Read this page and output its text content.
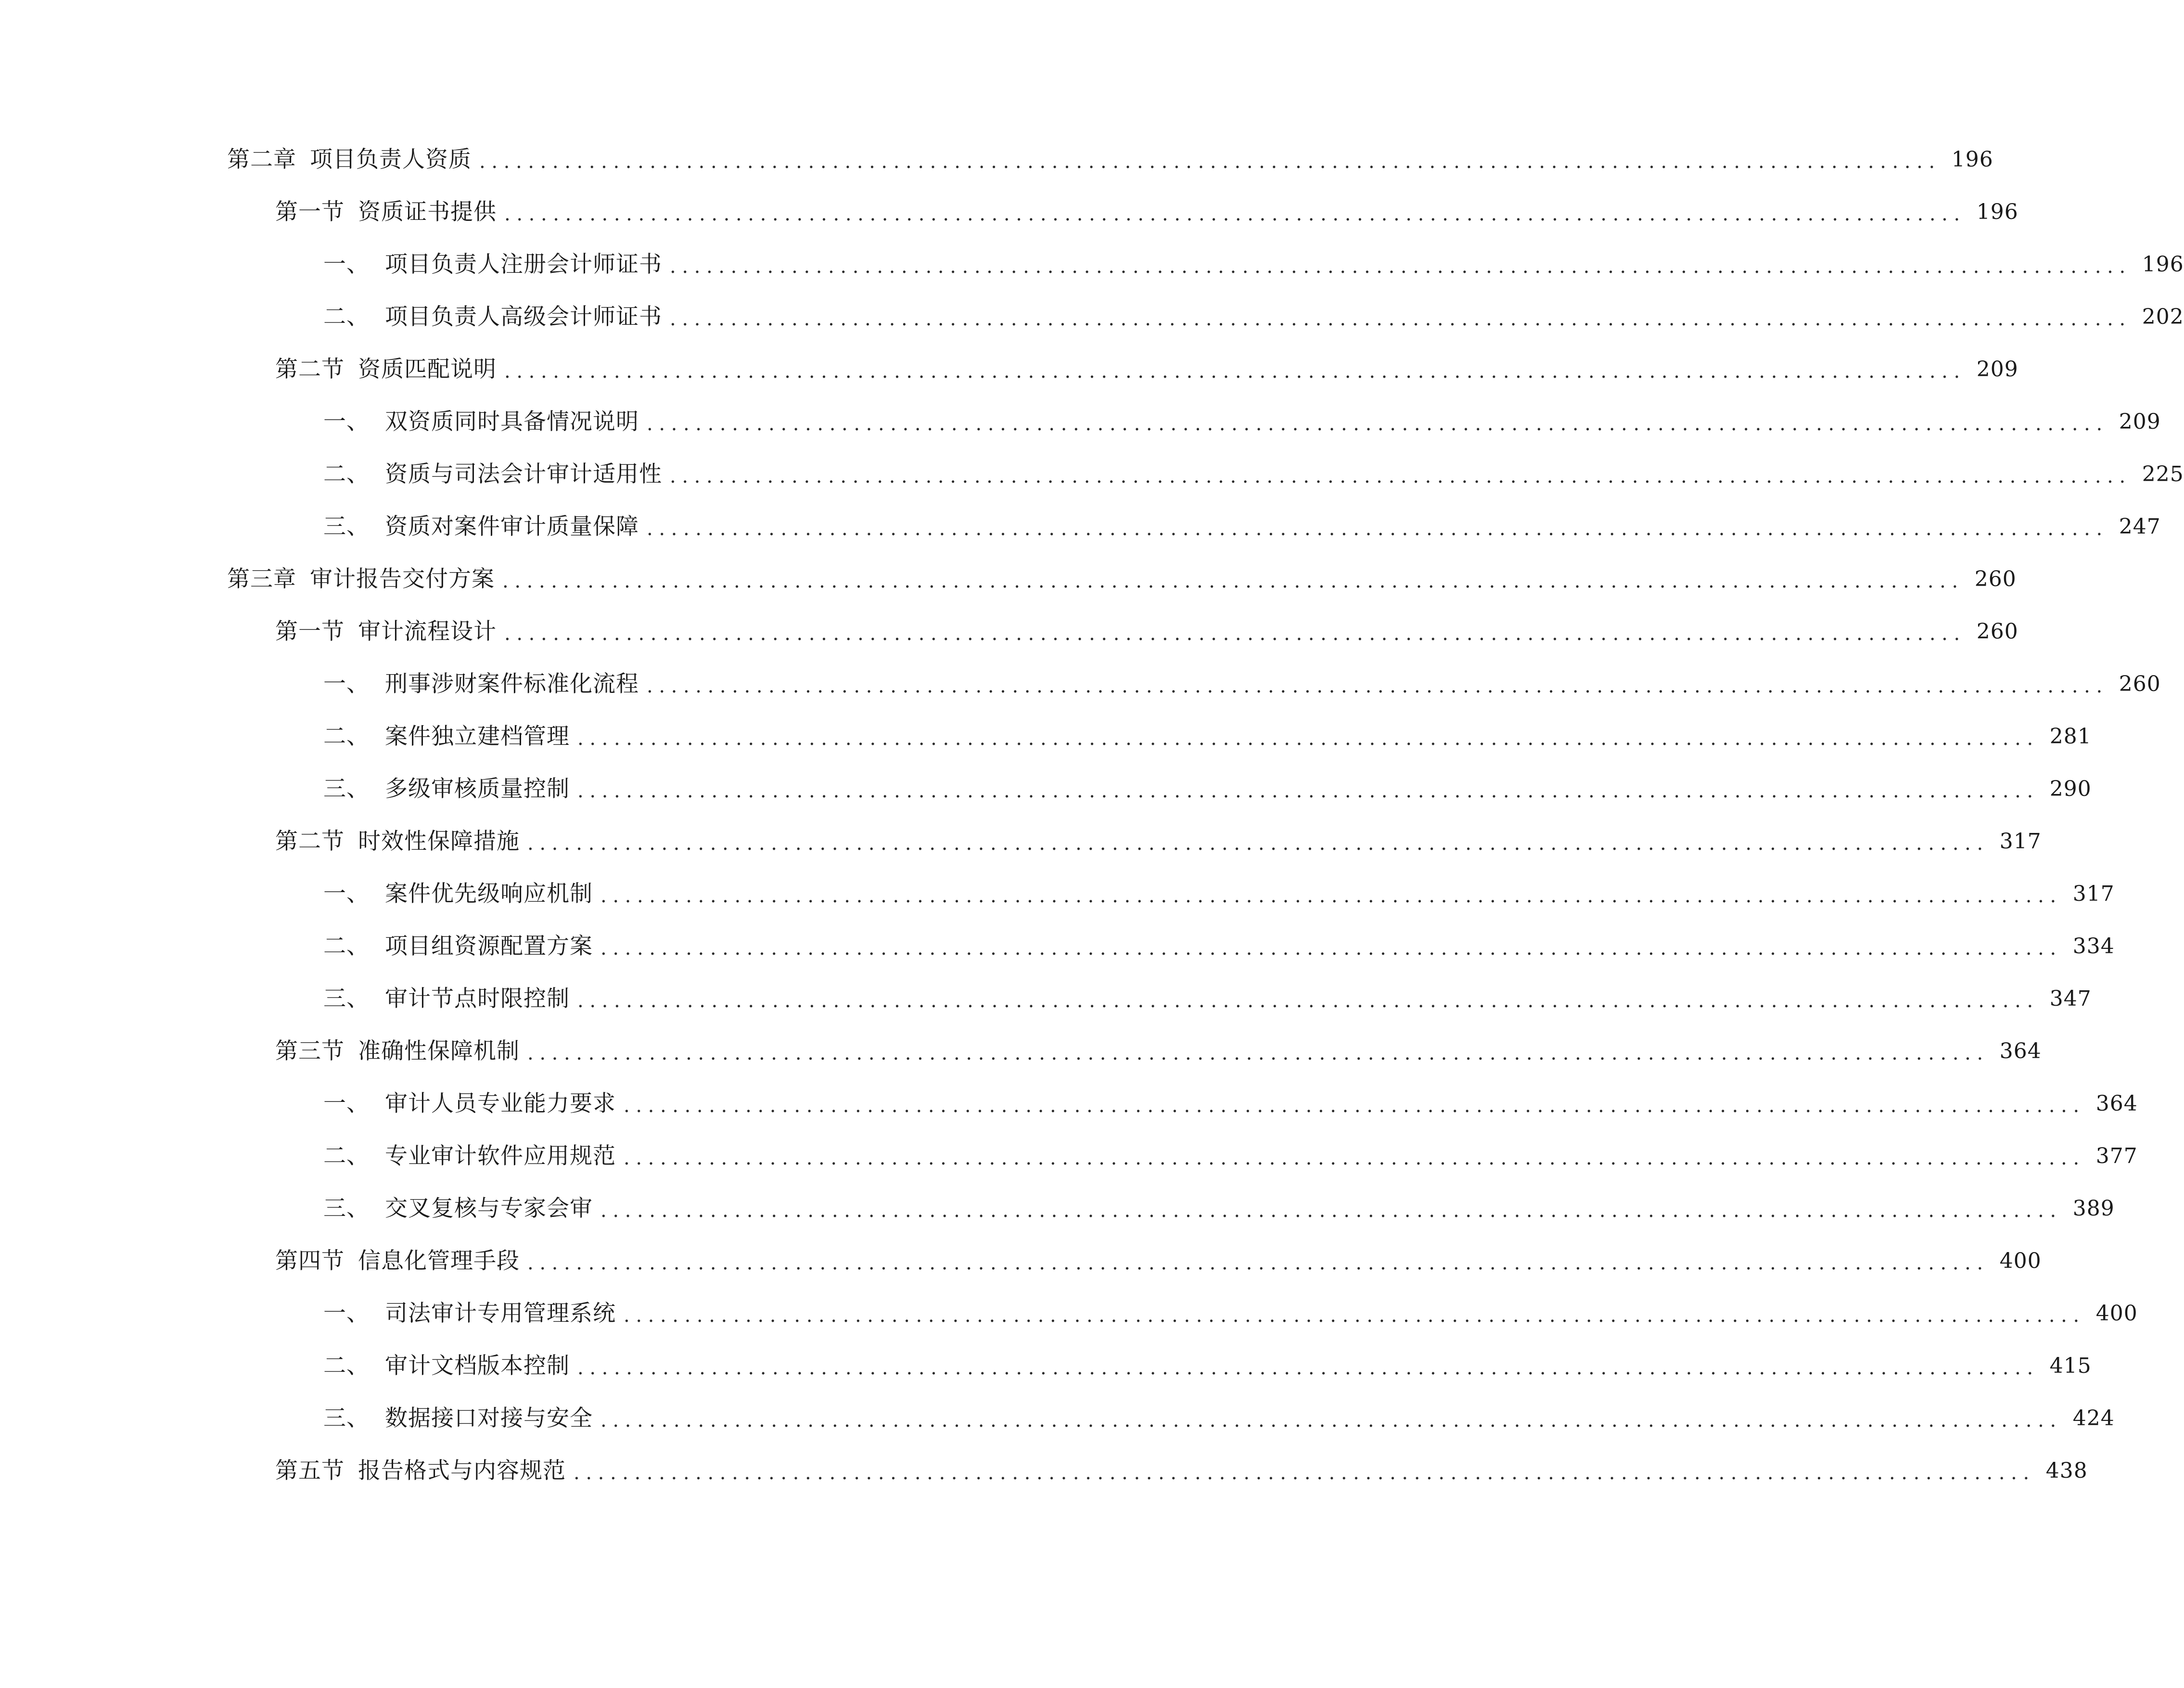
第二章 项目负责人资质 ........................................................................................................................ 196
第一节 资质证书提供 ........................................................................................................................ 196
一、 项目负责人注册会计师证书 ........................................................................................................................ 196
二、 项目负责人高级会计师证书 ........................................................................................................................ 202
第二节 资质匹配说明 ........................................................................................................................ 209
一、 双资质同时具备情况说明 ........................................................................................................................ 209
二、 资质与司法会计审计适用性 ........................................................................................................................ 225
三、 资质对案件审计质量保障 ........................................................................................................................ 247
第三章 审计报告交付方案 ........................................................................................................................ 260
第一节 审计流程设计 ........................................................................................................................ 260
一、 刑事涉财案件标准化流程 ........................................................................................................................ 260
二、 案件独立建档管理 ........................................................................................................................ 281
三、 多级审核质量控制 ........................................................................................................................ 290
第二节 时效性保障措施 ........................................................................................................................ 317
一、 案件优先级响应机制 ........................................................................................................................ 317
二、 项目组资源配置方案 ........................................................................................................................ 334
三、 审计节点时限控制 ........................................................................................................................ 347
第三节 准确性保障机制 ........................................................................................................................ 364
一、 审计人员专业能力要求 ........................................................................................................................ 364
二、 专业审计软件应用规范 ........................................................................................................................ 377
三、 交叉复核与专家会审 ........................................................................................................................ 389
第四节 信息化管理手段 ........................................................................................................................ 400
一、 司法审计专用管理系统 ........................................................................................................................ 400
二、 审计文档版本控制 ........................................................................................................................ 415
三、 数据接口对接与安全 ........................................................................................................................ 424
第五节 报告格式与内容规范 ........................................................................................................................ 438
